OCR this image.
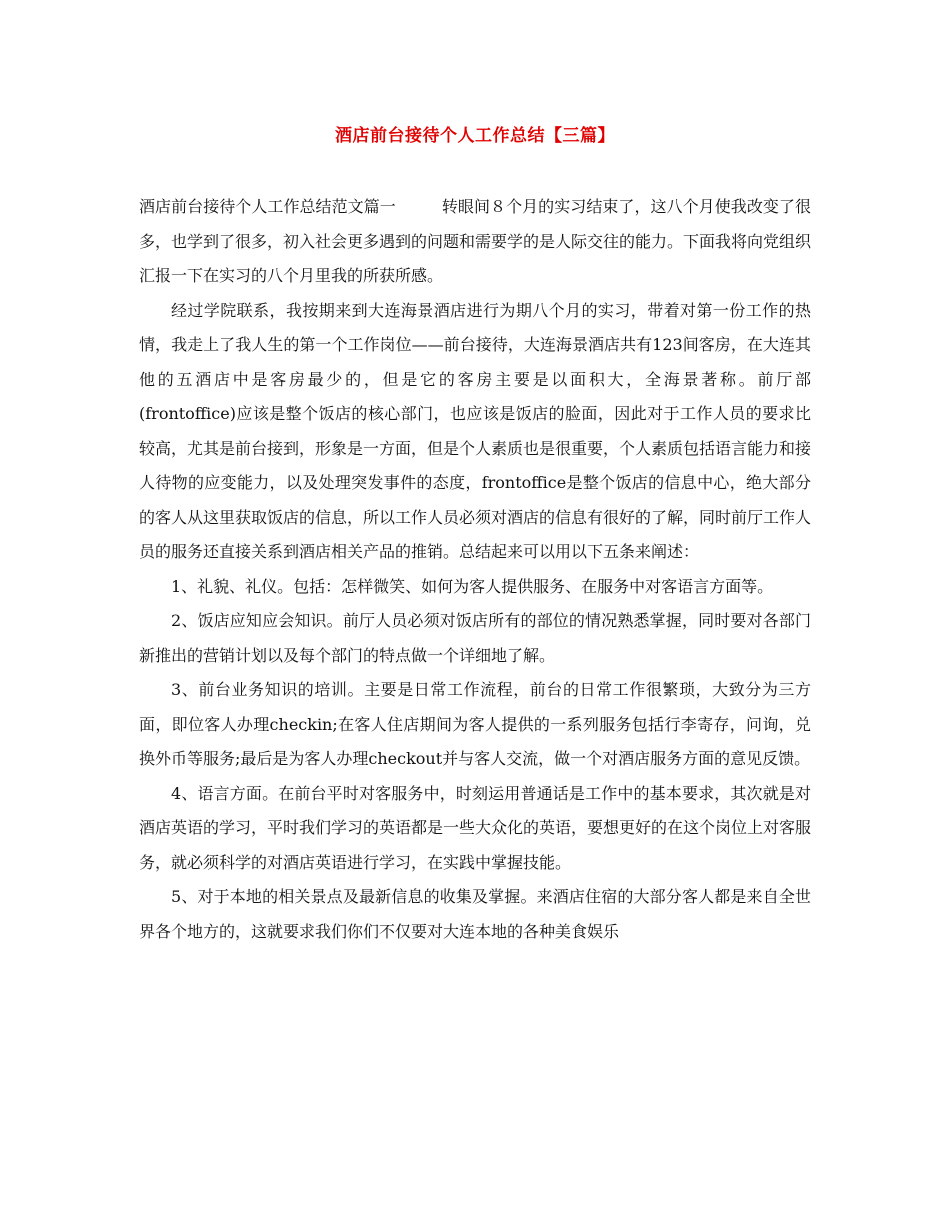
酒店前台接待个人工作总结【三篇】

酒店前台接待个人工作总结范文篇一	转眼间８个月的实习结束了，这八个月使我改变了很多，也学到了很多，初入社会更多遇到的问题和需要学的是人际交往的能力。下面我将向党组织汇报一下在实习的八个月里我的所获所感。

经过学院联系，我按期来到大连海景酒店进行为期八个月的实习，带着对第一份工作的热情，我走上了我人生的第一个工作岗位——前台接待，大连海景酒店共有123间客房，在大连其他的五酒店中是客房最少的，但是它的客房主要是以面积大，全海景著称。前厅部(frontoffice)应该是整个饭店的核心部门，也应该是饭店的脸面，因此对于工作人员的要求比较高，尤其是前台接到，形象是一方面，但是个人素质也是很重要，个人素质包括语言能力和接人待物的应变能力，以及处理突发事件的态度，frontoffice是整个饭店的信息中心，绝大部分的客人从这里获取饭店的信息，所以工作人员必须对酒店的信息有很好的了解，同时前厅工作人员的服务还直接关系到酒店相关产品的推销。总结起来可以用以下五条来阐述：

1、礼貌、礼仪。包括：怎样微笑、如何为客人提供服务、在服务中对客语言方面等。

2、饭店应知应会知识。前厅人员必须对饭店所有的部位的情况熟悉掌握，同时要对各部门新推出的营销计划以及每个部门的特点做一个详细地了解。

3、前台业务知识的培训。主要是日常工作流程，前台的日常工作很繁琐，大致分为三方面，即位客人办理checkin;在客人住店期间为客人提供的一系列服务包括行李寄存，问询，兑换外币等服务;最后是为客人办理checkout并与客人交流，做一个对酒店服务方面的意见反馈。

4、语言方面。在前台平时对客服务中，时刻运用普通话是工作中的基本要求，其次就是对酒店英语的学习，平时我们学习的英语都是一些大众化的英语，要想更好的在这个岗位上对客服务，就必须科学的对酒店英语进行学习，在实践中掌握技能。

5、对于本地的相关景点及最新信息的收集及掌握。来酒店住宿的大部分客人都是来自全世界各个地方的，这就要求我们你们不仅要对大连本地的各种美食娱乐
